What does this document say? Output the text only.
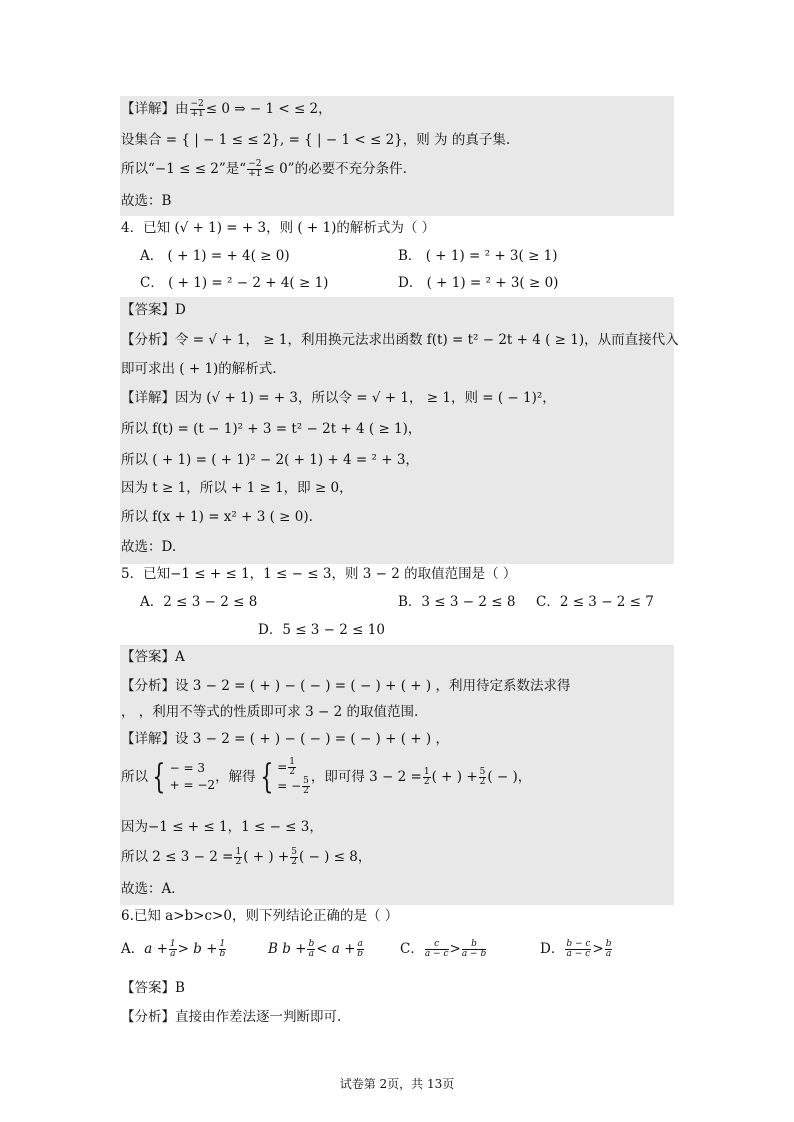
【详解】由 $\frac{-2}{+1} \le 0$ ⇒ − 1 < ≤ 2，
设集合 = { | − 1 ≤ ≤ 2}, = { | − 1 < ≤ 2}，则 为 的真子集.
所以“−1 ≤ ≤ 2”是“ $\frac{-2}{+1} \le 0$”的必要不充分条件.
故选：B
4．已知 (√ + 1) = + 3，则 ( + 1)的解析式为（ ）
A． ( + 1) = + 4( ≥ 0)	B． ( + 1) = ² + 3( ≥ 1)
C． ( + 1) = ² − 2 + 4( ≥ 1)	D． ( + 1) = ² + 3( ≥ 0)
【答案】D
【分析】令 = √ + 1， ≥ 1，利用换元法求出函数 f(t) = t² − 2t + 4 ( ≥ 1)，从而直接代入
即可求出 ( + 1)的解析式.
【详解】因为 (√ + 1) = + 3，所以令 = √ + 1， ≥ 1，则 = ( − 1)²，
所以 f(t) = (t − 1)² + 3 = t² − 2t + 4 ( ≥ 1)，
所以 ( + 1) = ( + 1)² − 2( + 1) + 4 = ² + 3，
因为 t ≥ 1，所以 + 1 ≥ 1，即 ≥ 0，
所以 f(x + 1) = x² + 3 ( ≥ 0).
故选：D.
5．已知−1 ≤ + ≤ 1，1 ≤ − ≤ 3，则 3 − 2 的取值范围是（ ）
A．2 ≤ 3 − 2 ≤ 8	B．3 ≤ 3 − 2 ≤ 8 C．2 ≤ 3 − 2 ≤ 7
D．5 ≤ 3 − 2 ≤ 10
【答案】A
【分析】设 3 − 2 = ( + ) − ( − ) = ( − ) + ( + ) ，利用待定系数法求得
， ，利用不等式的性质即可求 3 − 2 的取值范围.
【详解】设 3 − 2 = ( + ) − ( − ) = ( − ) + ( + ) ，
所以 { − = 3
+ = −2 ，解得 { = $\frac{1}{2}$
= − $\frac{5}{2}$
，即可得 $3 - 2 = \frac{1}{2}$ ( + ) + $\frac{5}{2}$ ( − )，
因为−1 ≤ + ≤ 1，1 ≤ − ≤ 3，
所以 $2 \le 3 - 2 = \frac{1}{2}$ ( + ) + $\frac{5}{2}$ ( − ) ≤ 8，
故选：A．
6.已知 a>b>c>0，则下列结论正确的是（ ）
A．$a + \frac{1}{a} > b + \frac{1}{b}$	B $b + \frac{b}{a} < a + \frac{a}{b}$	C． $\frac{c}{a - c} > \frac{b}{a - b}$	D． $\frac{b - c}{a - c} > \frac{b}{a}$
【答案】B
【分析】直接由作差法逐一判断即可.
试卷第 2页，共 13页
